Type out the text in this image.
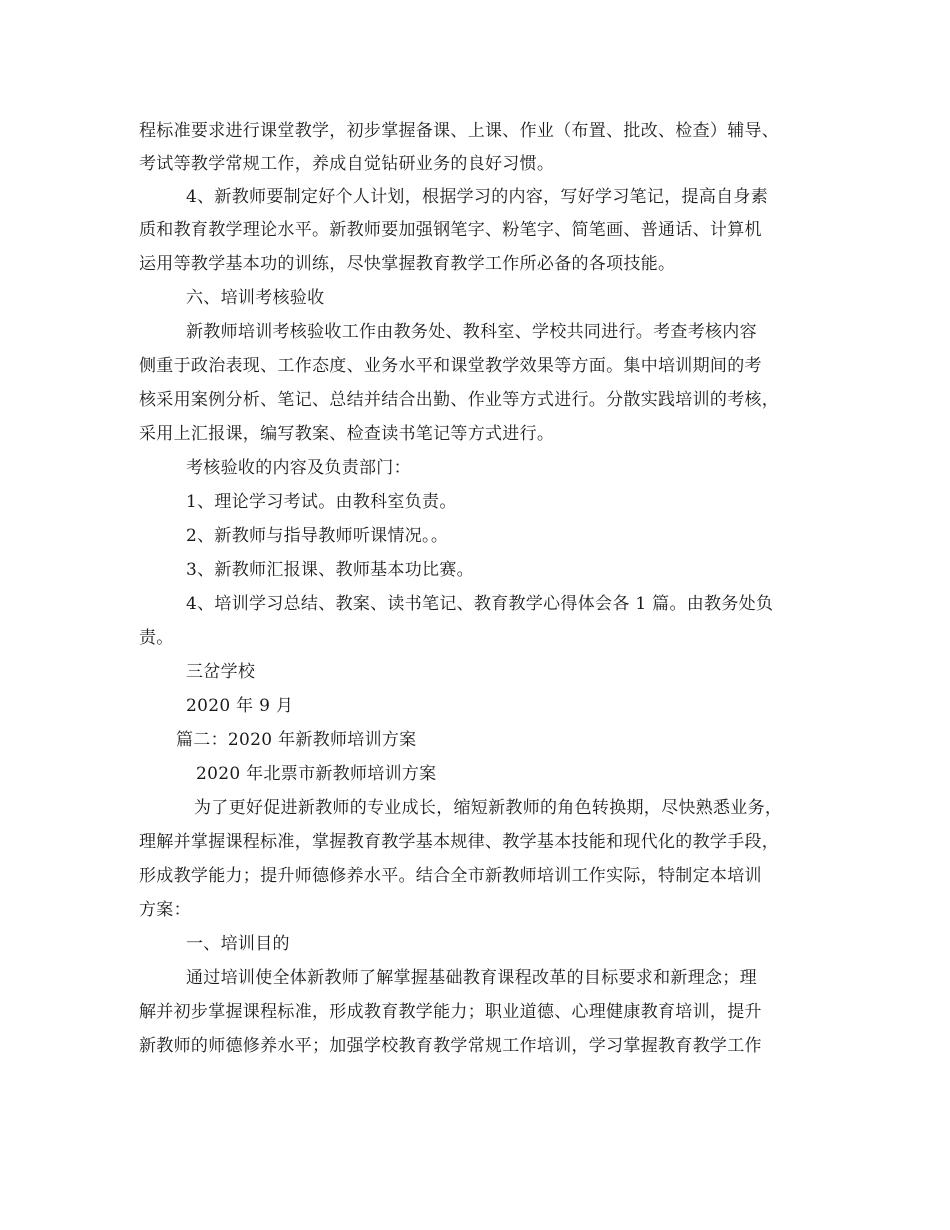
程标准要求进行课堂教学，初步掌握备课、上课、作业（布置、批改、检查）辅导、
考试等教学常规工作，养成自觉钻研业务的良好习惯。
4、新教师要制定好个人计划，根据学习的内容，写好学习笔记，提高自身素
质和教育教学理论水平。新教师要加强钢笔字、粉笔字、简笔画、普通话、计算机
运用等教学基本功的训练，尽快掌握教育教学工作所必备的各项技能。
六、培训考核验收
新教师培训考核验收工作由教务处、教科室、学校共同进行。考查考核内容
侧重于政治表现、工作态度、业务水平和课堂教学效果等方面。集中培训期间的考
核采用案例分析、笔记、总结并结合出勤、作业等方式进行。分散实践培训的考核，
采用上汇报课，编写教案、检查读书笔记等方式进行。
考核验收的内容及负责部门：
1、理论学习考试。由教科室负责。
2、新教师与指导教师听课情况。。
3、新教师汇报课、教师基本功比赛。
4、培训学习总结、教案、读书笔记、教育教学心得体会各 1 篇。由教务处负
责。
三岔学校
2020 年 9 月
篇二：2020 年新教师培训方案
2020 年北票市新教师培训方案
为了更好促进新教师的专业成长，缩短新教师的角色转换期，尽快熟悉业务，
理解并掌握课程标准，掌握教育教学基本规律、教学基本技能和现代化的教学手段，
形成教学能力；提升师德修养水平。结合全市新教师培训工作实际，特制定本培训
方案：
一、培训目的
通过培训使全体新教师了解掌握基础教育课程改革的目标要求和新理念；理
解并初步掌握课程标准，形成教育教学能力；职业道德、心理健康教育培训，提升
新教师的师德修养水平；加强学校教育教学常规工作培训，学习掌握教育教学工作
